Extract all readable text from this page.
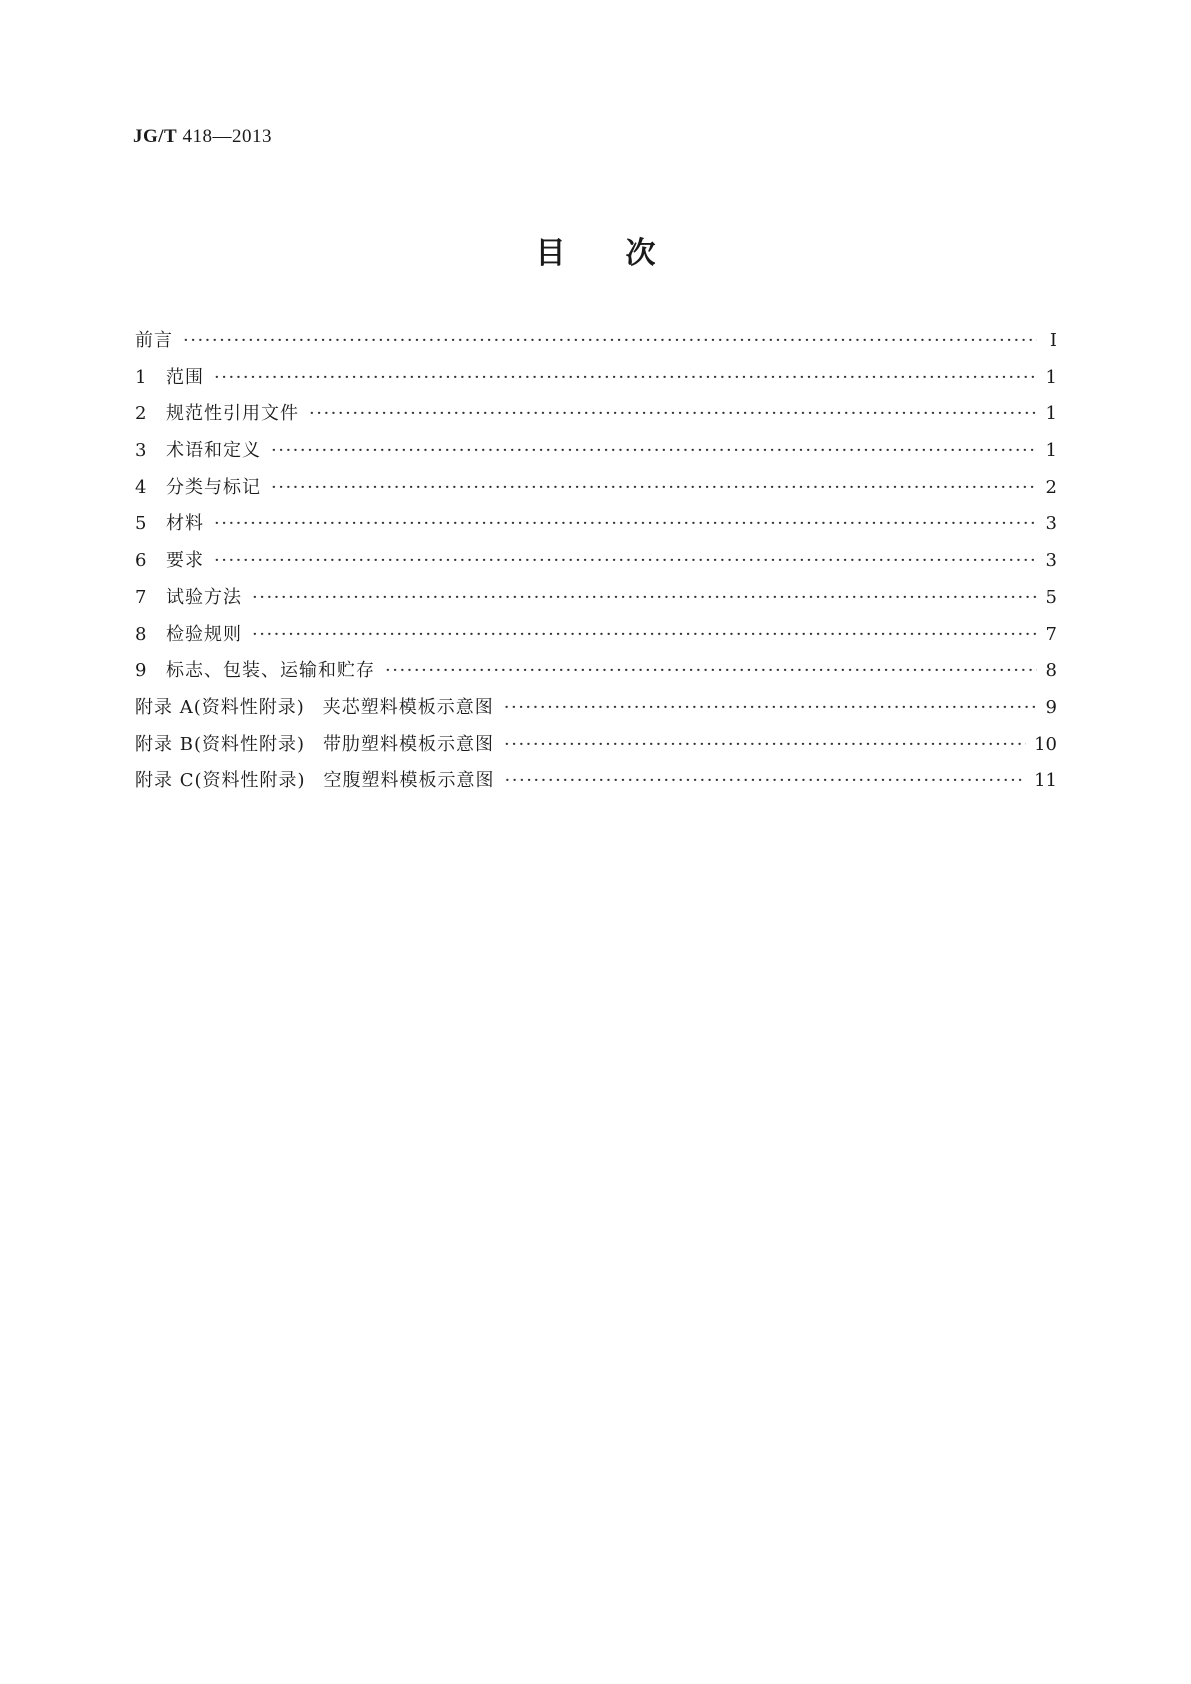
JG/T 418—2013
目次
前言 ·····	Ⅰ
1	范围 ·····	1
2	规范性引用文件 ·····	1
3	术语和定义 ·····	1
4	分类与标记 ·····	2
5	材料 ·····	3
6	要求 ·····	3
7	试验方法 ·····	5
8	检验规则 ·····	7
9	标志、包装、运输和贮存 ·····	8
附录 A(资料性附录) 夹芯塑料模板示意图 ·····	9
附录 B(资料性附录) 带肋塑料模板示意图 ·····	10
附录 C(资料性附录) 空腹塑料模板示意图 ·····	11
